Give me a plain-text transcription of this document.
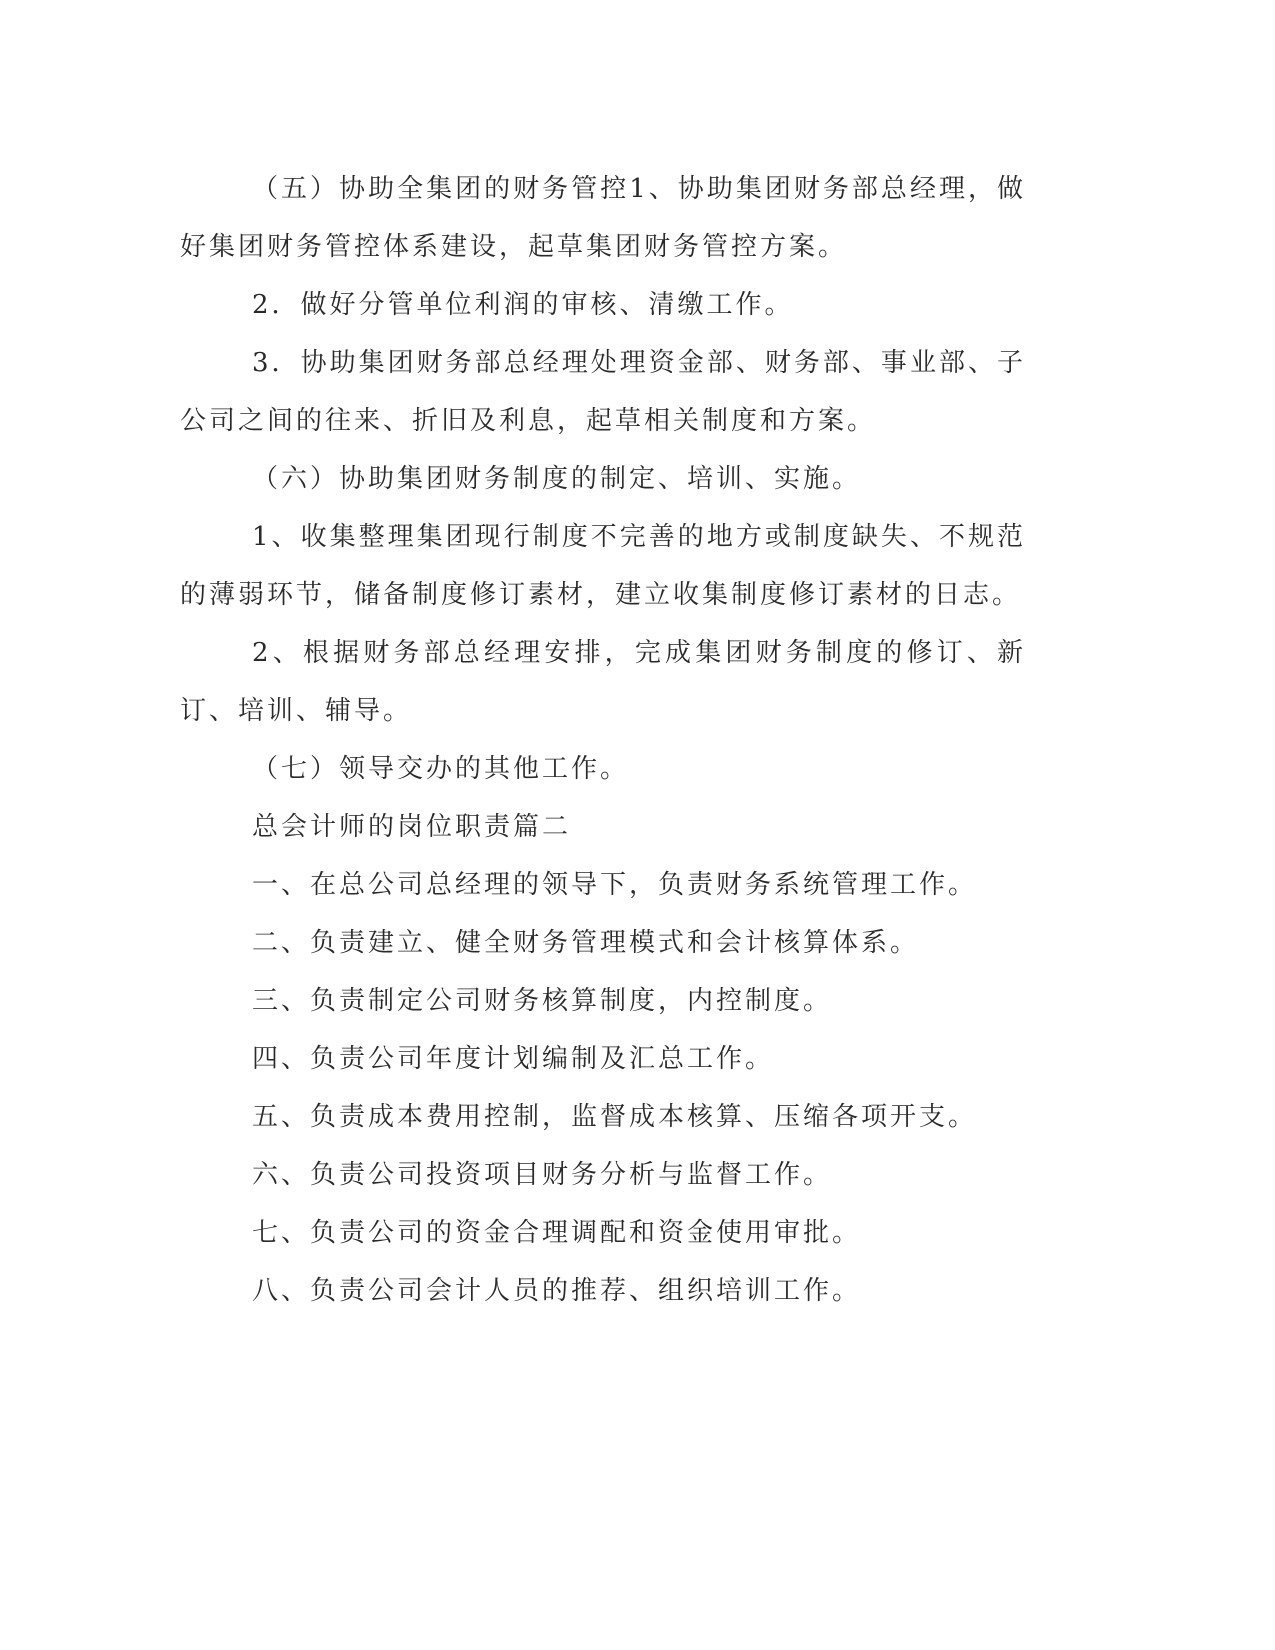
（五）协助全集团的财务管控1、协助集团财务部总经理，做好集团财务管控体系建设，起草集团财务管控方案。

2．做好分管单位利润的审核、清缴工作。

3．协助集团财务部总经理处理资金部、财务部、事业部、子公司之间的往来、折旧及利息，起草相关制度和方案。

（六）协助集团财务制度的制定、培训、实施。

1、收集整理集团现行制度不完善的地方或制度缺失、不规范的薄弱环节，储备制度修订素材，建立收集制度修订素材的日志。

2、根据财务部总经理安排，完成集团财务制度的修订、新订、培训、辅导。

（七）领导交办的其他工作。

总会计师的岗位职责篇二

一、在总公司总经理的领导下，负责财务系统管理工作。

二、负责建立、健全财务管理模式和会计核算体系。

三、负责制定公司财务核算制度，内控制度。

四、负责公司年度计划编制及汇总工作。

五、负责成本费用控制，监督成本核算、压缩各项开支。

六、负责公司投资项目财务分析与监督工作。

七、负责公司的资金合理调配和资金使用审批。

八、负责公司会计人员的推荐、组织培训工作。
